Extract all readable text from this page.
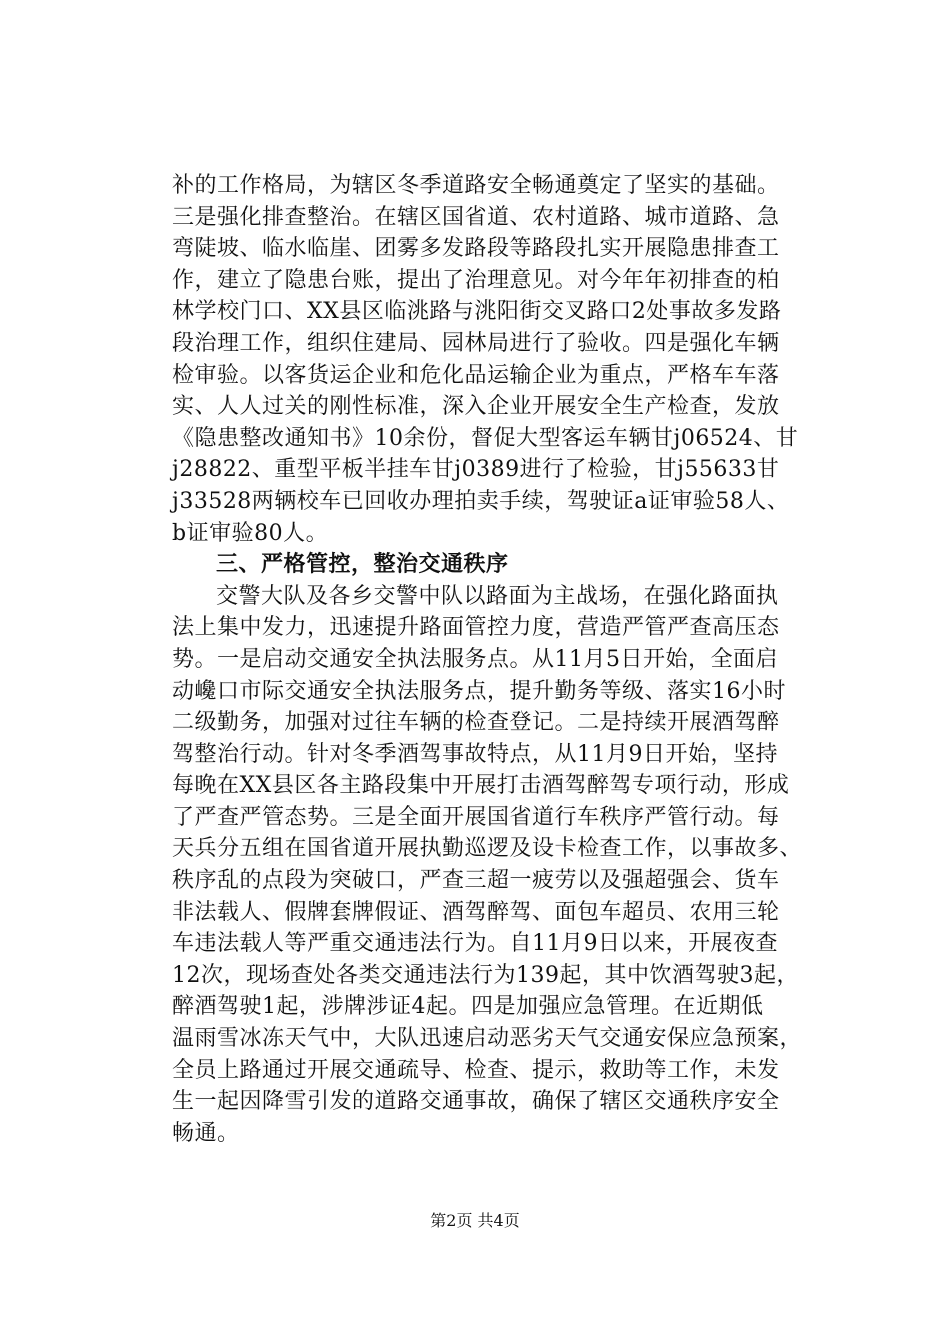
补的工作格局，为辖区冬季道路安全畅通奠定了坚实的基础。
三是强化排查整治。在辖区国省道、农村道路、城市道路、急
弯陡坡、临水临崖、团雾多发路段等路段扎实开展隐患排查工
作，建立了隐患台账，提出了治理意见。对今年年初排查的柏
林学校门口、XX县区临洮路与洮阳街交叉路口2处事故多发路
段治理工作，组织住建局、园林局进行了验收。四是强化车辆
检审验。以客货运企业和危化品运输企业为重点，严格车车落
实、人人过关的刚性标准，深入企业开展安全生产检查，发放
《隐患整改通知书》10余份，督促大型客运车辆甘j06524、甘
j28822、重型平板半挂车甘j0389进行了检验，甘j55633甘
j33528两辆校车已回收办理拍卖手续，驾驶证a证审验58人、
b证审验80人。
三、严格管控，整治交通秩序
交警大队及各乡交警中队以路面为主战场，在强化路面执
法上集中发力，迅速提升路面管控力度，营造严管严查高压态
势。一是启动交通安全执法服务点。从11月5日开始，全面启
动巉口市际交通安全执法服务点，提升勤务等级、落实16小时
二级勤务，加强对过往车辆的检查登记。二是持续开展酒驾醉
驾整治行动。针对冬季酒驾事故特点，从11月9日开始，坚持
每晚在XX县区各主路段集中开展打击酒驾醉驾专项行动，形成
了严查严管态势。三是全面开展国省道行车秩序严管行动。每
天兵分五组在国省道开展执勤巡逻及设卡检查工作，以事故多、
秩序乱的点段为突破口，严查三超一疲劳以及强超强会、货车
非法载人、假牌套牌假证、酒驾醉驾、面包车超员、农用三轮
车违法载人等严重交通违法行为。自11月9日以来，开展夜查
12次，现场查处各类交通违法行为139起，其中饮酒驾驶3起，
醉酒驾驶1起，涉牌涉证4起。四是加强应急管理。在近期低
温雨雪冰冻天气中，大队迅速启动恶劣天气交通安保应急预案，
全员上路通过开展交通疏导、检查、提示，救助等工作，未发
生一起因降雪引发的道路交通事故，确保了辖区交通秩序安全
畅通。
第2页 共4页
